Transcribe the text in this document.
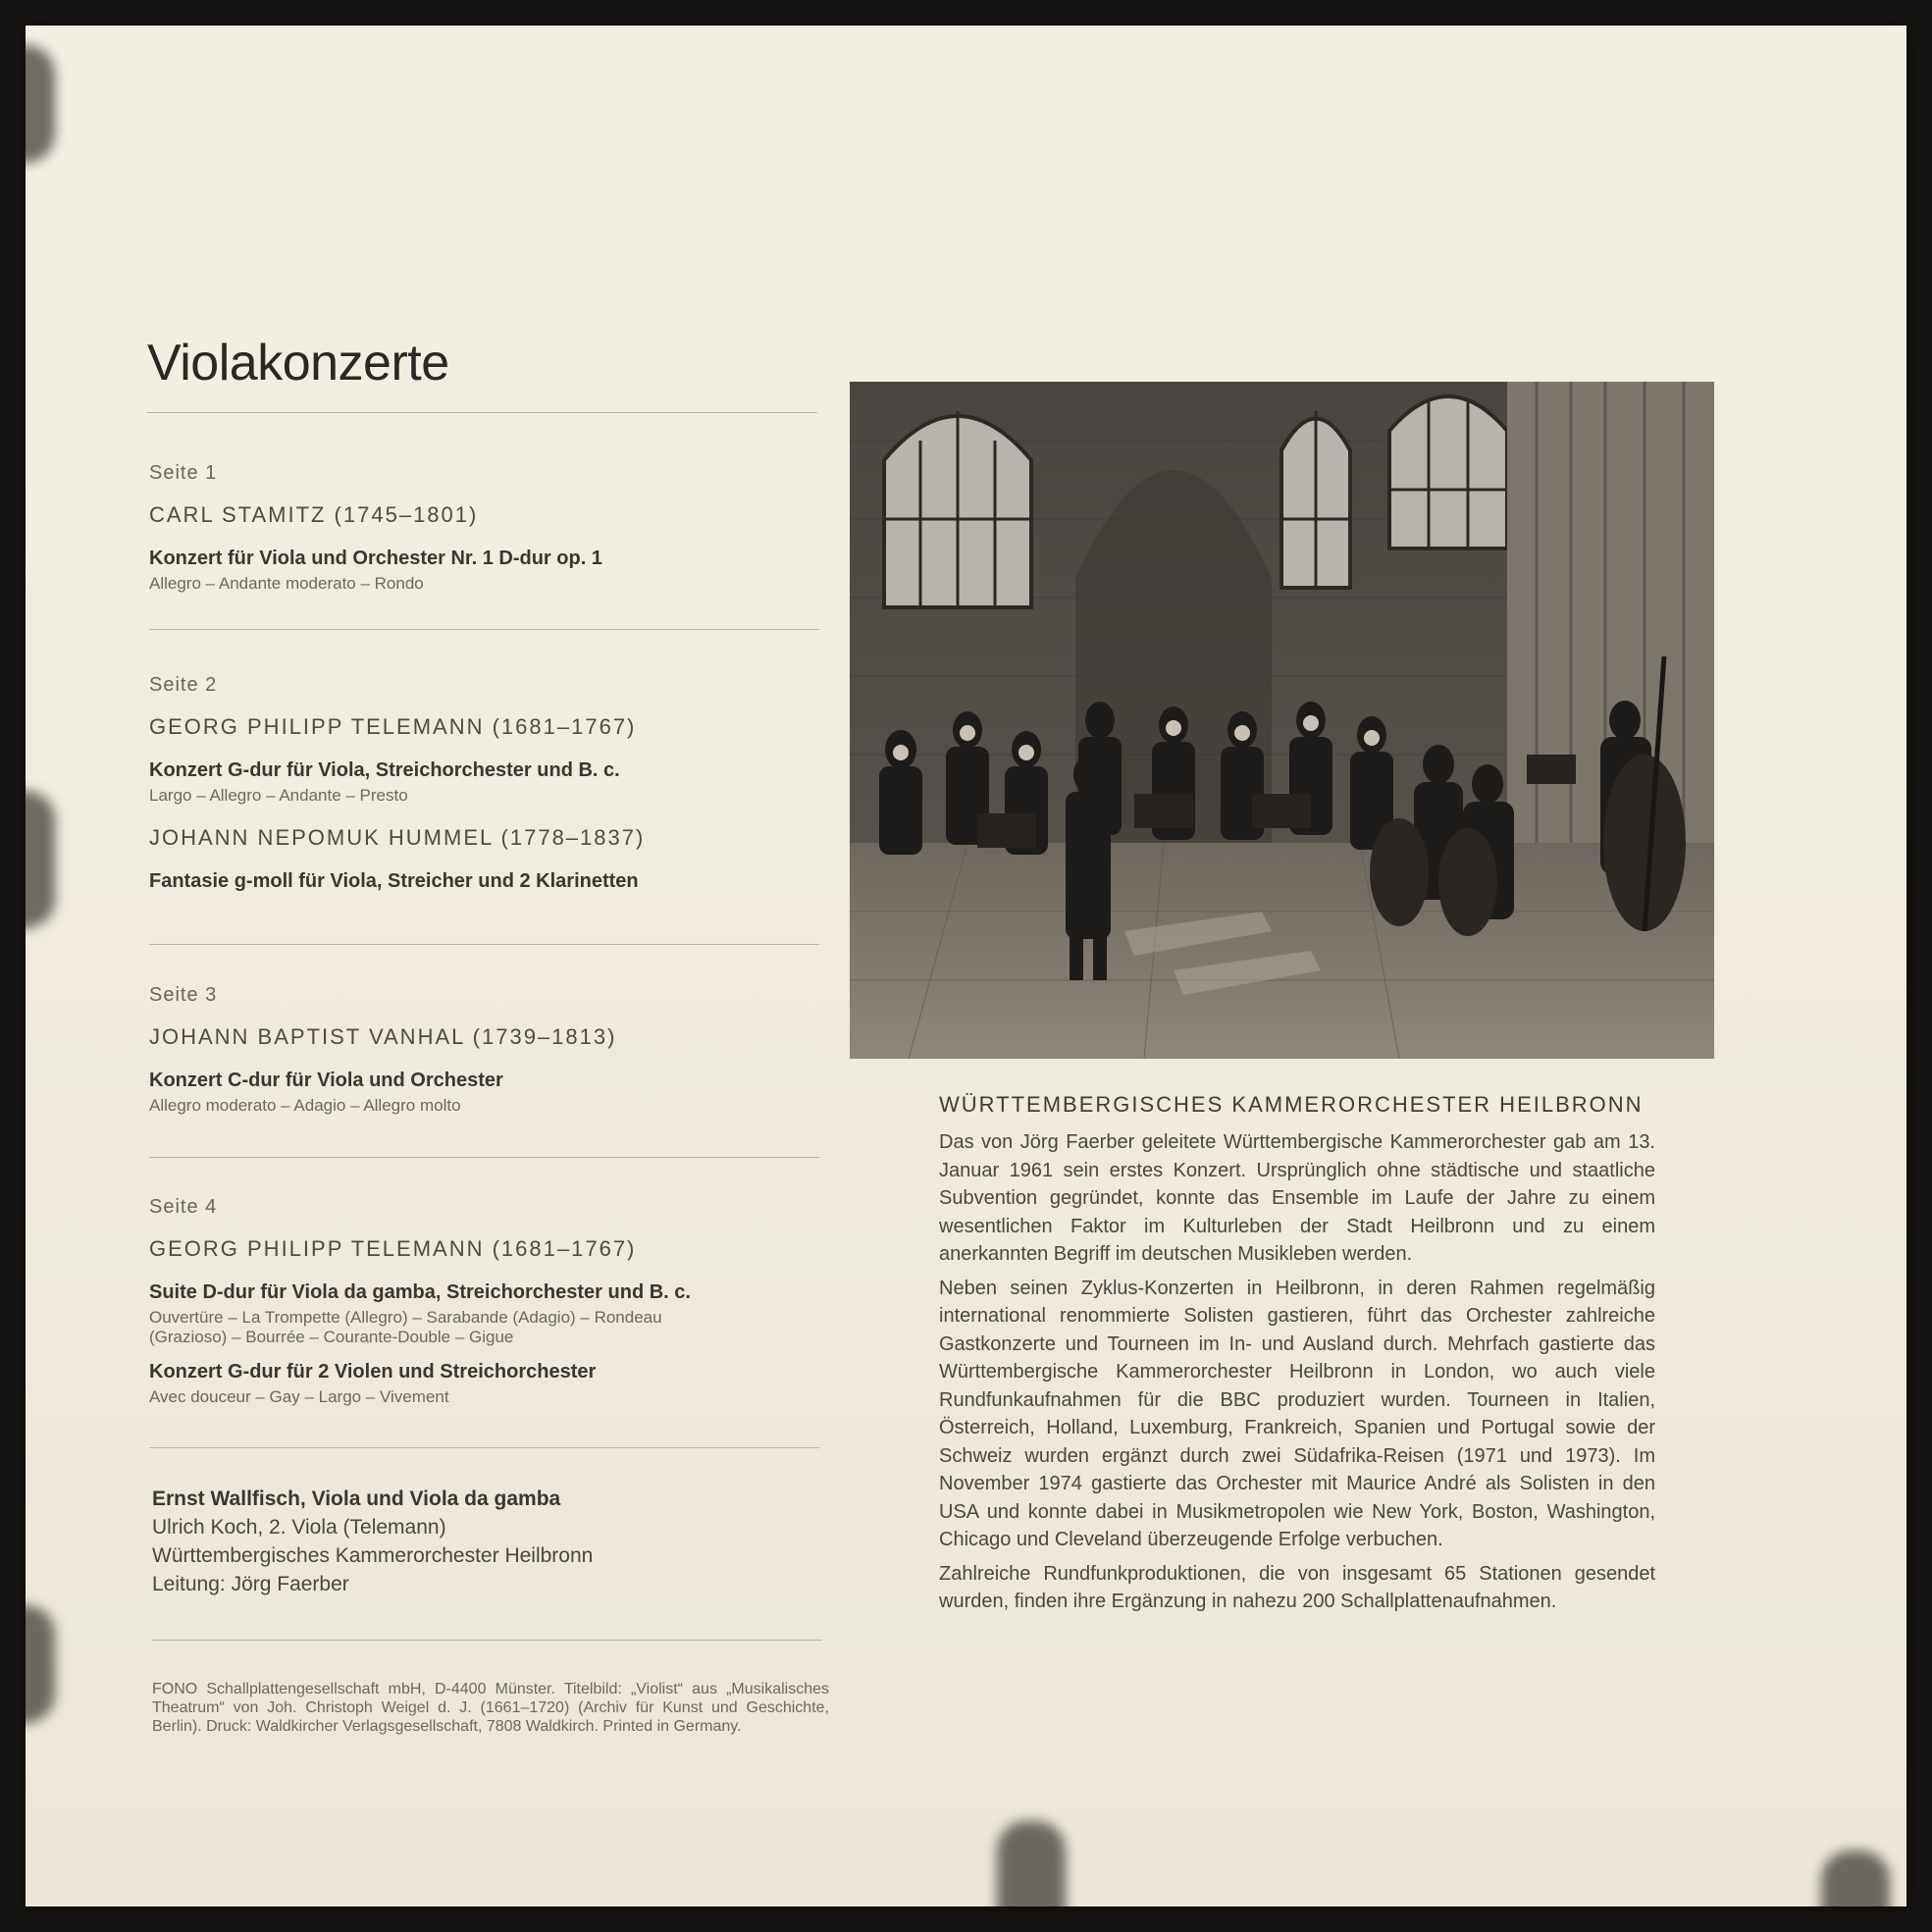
Violakonzerte
Seite 1
CARL STAMITZ (1745–1801)
Konzert für Viola und Orchester Nr. 1 D-dur op. 1
Allegro – Andante moderato – Rondo
Seite 2
GEORG PHILIPP TELEMANN (1681–1767)
Konzert G-dur für Viola, Streichorchester und B. c.
Largo – Allegro – Andante – Presto
JOHANN NEPOMUK HUMMEL (1778–1837)
Fantasie g-moll für Viola, Streicher und 2 Klarinetten
Seite 3
JOHANN BAPTIST VANHAL (1739–1813)
Konzert C-dur für Viola und Orchester
Allegro moderato – Adagio – Allegro molto
Seite 4
GEORG PHILIPP TELEMANN (1681–1767)
Suite D-dur für Viola da gamba, Streichorchester und B. c.
Ouvertüre – La Trompette (Allegro) – Sarabande (Adagio) – Rondeau (Grazioso) – Bourrée – Courante-Double – Gigue
Konzert G-dur für 2 Violen und Streichorchester
Avec douceur – Gay – Largo – Vivement
Ernst Wallfisch, Viola und Viola da gamba
Ulrich Koch, 2. Viola (Telemann)
Württembergisches Kammerorchester Heilbronn
Leitung: Jörg Faerber
FONO Schallplattengesellschaft mbH, D-4400 Münster. Titelbild: „Violist“ aus „Musikalisches Theatrum“ von Joh. Christoph Weigel d. J. (1661–1720) (Archiv für Kunst und Geschichte, Berlin). Druck: Waldkircher Verlagsgesellschaft, 7808 Waldkirch. Printed in Germany.
WÜRTTEMBERGISCHES KAMMERORCHESTER HEILBRONN

Das von Jörg Faerber geleitete Württembergische Kammerorchester gab am 13. Januar 1961 sein erstes Konzert. Ursprünglich ohne städtische und staatliche Subvention gegründet, konnte das Ensemble im Laufe der Jahre zu einem wesentlichen Faktor im Kulturleben der Stadt Heilbronn und zu einem anerkannten Begriff im deutschen Musikleben werden.

Neben seinen Zyklus-Konzerten in Heilbronn, in deren Rahmen regelmäßig international renommierte Solisten gastieren, führt das Orchester zahlreiche Gastkonzerte und Tourneen im In- und Ausland durch. Mehrfach gastierte das Württembergische Kammerorchester Heilbronn in London, wo auch viele Rundfunkaufnahmen für die BBC produziert wurden. Tourneen in Italien, Österreich, Holland, Luxemburg, Frankreich, Spanien und Portugal sowie der Schweiz wurden ergänzt durch zwei Südafrika-Reisen (1971 und 1973). Im November 1974 gastierte das Orchester mit Maurice André als Solisten in den USA und konnte dabei in Musikmetropolen wie New York, Boston, Washington, Chicago und Cleveland überzeugende Erfolge verbuchen.

Zahlreiche Rundfunkproduktionen, die von insgesamt 65 Stationen gesendet wurden, finden ihre Ergänzung in nahezu 200 Schallplattenaufnahmen.
